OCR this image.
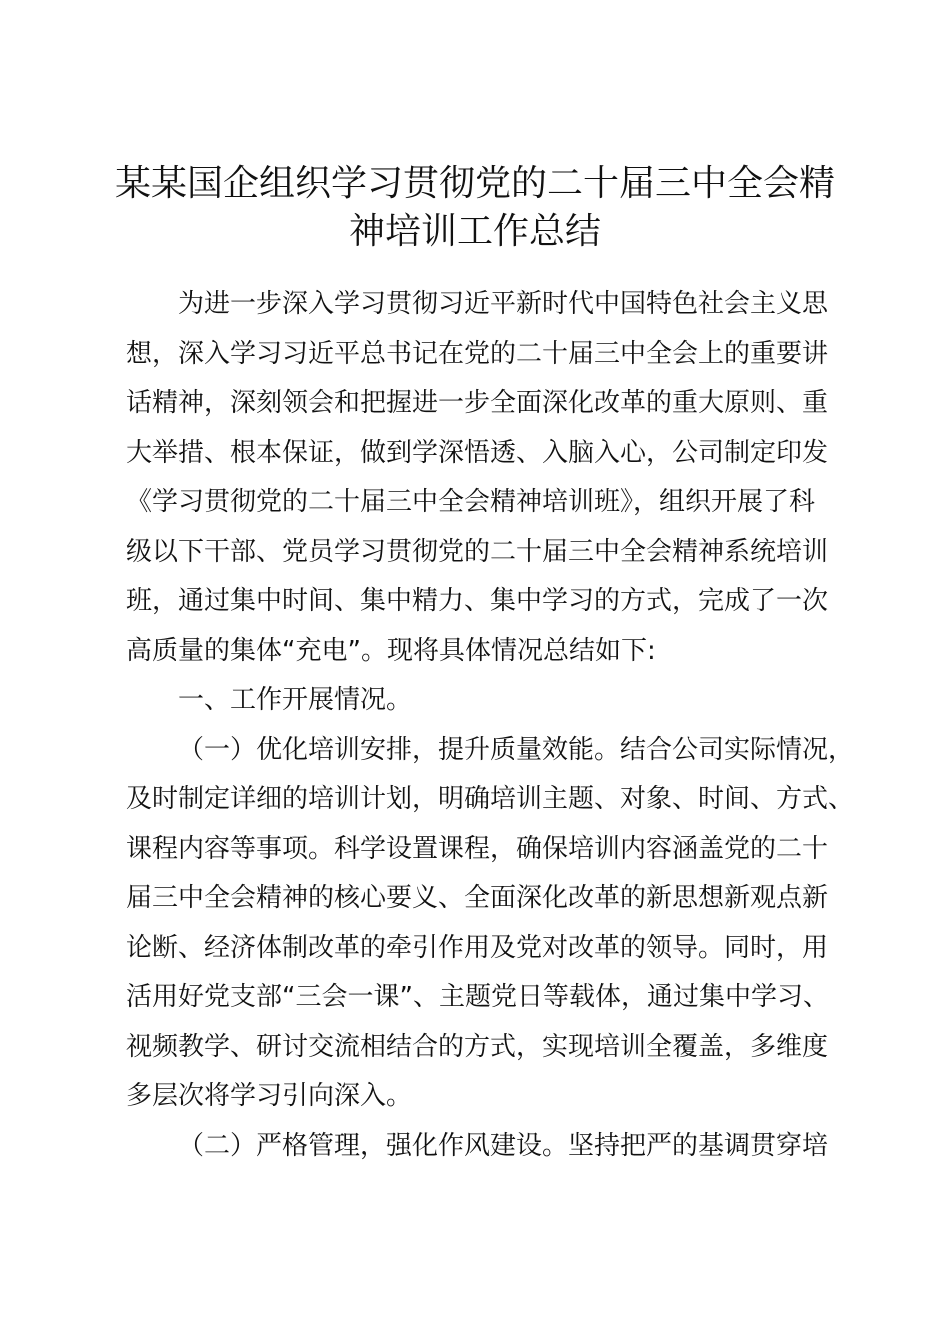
某某国企组织学习贯彻党的二十届三中全会精
神培训工作总结
为进一步深入学习贯彻习近平新时代中国特色社会主义思
想，深入学习习近平总书记在党的二十届三中全会上的重要讲
话精神，深刻领会和把握进一步全面深化改革的重大原则、重
大举措、根本保证，做到学深悟透、入脑入心，公司制定印发
《学习贯彻党的二十届三中全会精神培训班》，组织开展了科
级以下干部、党员学习贯彻党的二十届三中全会精神系统培训
班，通过集中时间、集中精力、集中学习的方式，完成了一次
高质量的集体“充电”。现将具体情况总结如下:
一、工作开展情况。
（一）优化培训安排，提升质量效能。结合公司实际情况，
及时制定详细的培训计划，明确培训主题、对象、时间、方式、
课程内容等事项。科学设置课程，确保培训内容涵盖党的二十
届三中全会精神的核心要义、全面深化改革的新思想新观点新
论断、经济体制改革的牵引作用及党对改革的领导。同时，用
活用好党支部“三会一课”、主题党日等载体，通过集中学习、
视频教学、研讨交流相结合的方式，实现培训全覆盖，多维度
多层次将学习引向深入。
（二）严格管理，强化作风建设。坚持把严的基调贯穿培
